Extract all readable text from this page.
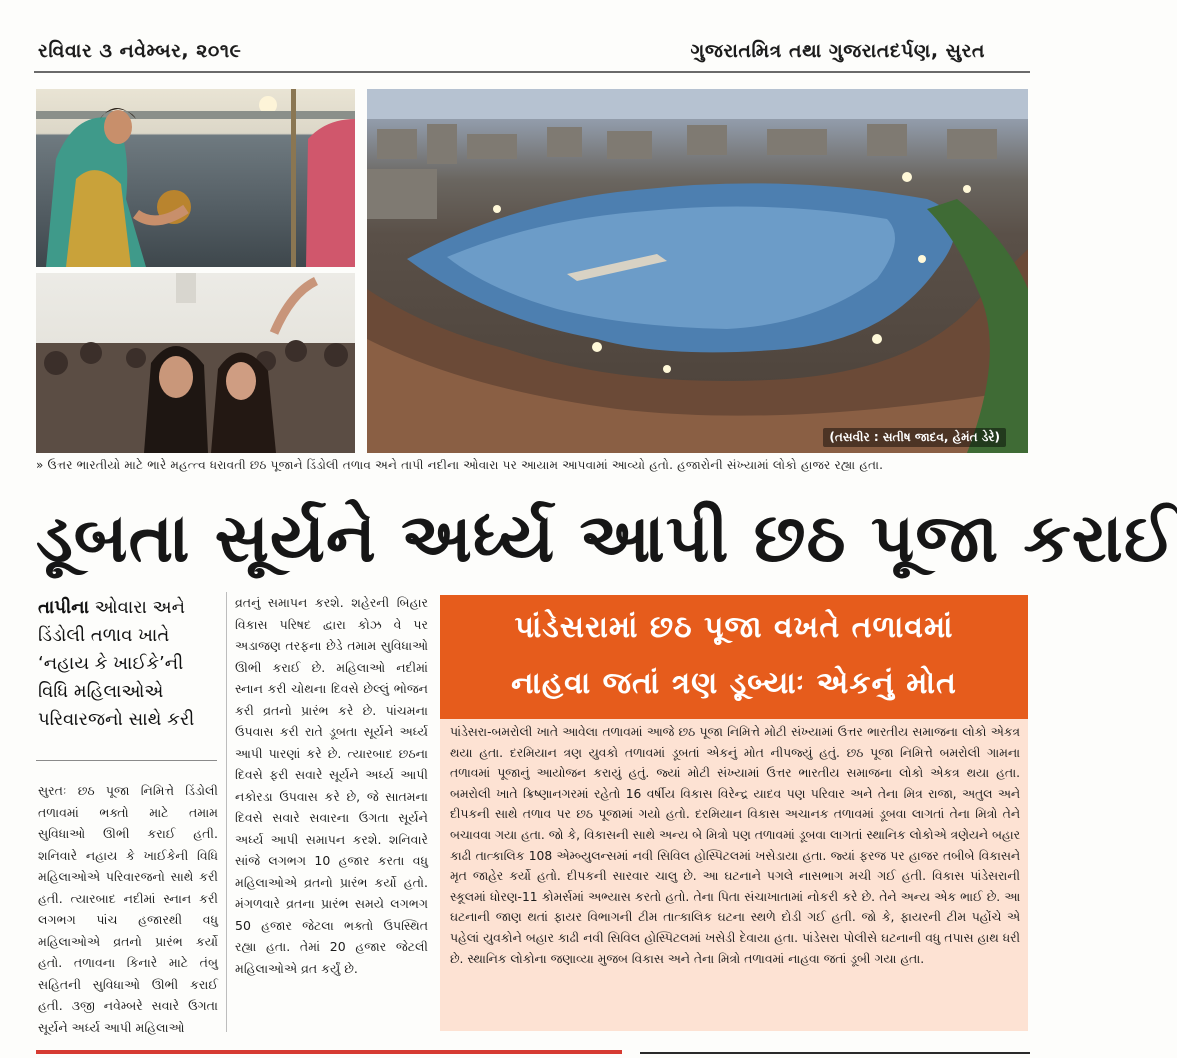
રવિવાર ૩ નવેમ્બર, ૨૦૧૯	ગુજરાતમિત્ર તથા ગુજરાતદર્પણ, સુરત
(તસવીર : સતીષ જાદવ, હેમંત ડેરે)
» ઉત્તર ભારતીયો માટે ભારે મહત્ત્વ ધરાવતી છઠ પૂજાને ડિંડોલી તળાવ અને તાપી નદીના ઓવારા પર આયામ આપવામાં આવ્યો હતો. હજારોની સંખ્યામાં લોકો હાજર રહ્યા હતા.
ડૂબતા સૂર્યને અર્ધ્ય આપી છઠ પૂજા કરાઈ
તાપીના ઓવારા અને ડિંડોલી તળાવ ખાતે ‘નહાય કે ખાઈકે’ની વિધિ મહિલાઓએ પરિવારજનો સાથે કરી
સુરતઃ છઠ પૂજા નિમિત્તે ડિંડોલી તળાવમાં ભક્તો માટે તમામ સુવિધાઓ ઊભી કરાઈ હતી. શનિવારે નહાય કે ખાઈકેની વિધિ મહિલાઓએ પરિવારજનો સાથે કરી હતી. ત્યારબાદ નદીમાં સ્નાન કરી લગભગ પાંચ હજારથી વધુ મહિલાઓએ વ્રતનો પ્રારંભ કર્યો હતો. તળાવના કિનારે માટે તંબુ સહિતની સુવિધાઓ ઊભી કરાઈ હતી. ૩જી નવેમ્બરે સવારે ઉગતા સૂર્યને અર્ધ્ય આપી મહિલાઓ
વ્રતનું સમાપન કરશે. શહેરની બિહાર વિકાસ પરિષદ દ્વારા કોઝ વે પર અડાજણ તરફના છેડે તમામ સુવિધાઓ ઊભી કરાઈ છે. મહિલાઓ નદીમાં સ્નાન કરી ચોથના દિવસે છેલ્લું ભોજન કરી વ્રતનો પ્રારંભ કરે છે. પાંચમના ઉપવાસ કરી રાતે ડૂબતા સૂર્યને અર્ધ્ય આપી પારણાં કરે છે. ત્યારબાદ છઠના દિવસે ફરી સવારે સૂર્યને અર્ધ્ય આપી નકોરડા ઉપવાસ કરે છે, જે સાતમના દિવસે સવારે સવારના ઉગતા સૂર્યને અર્ધ્ય આપી સમાપન કરશે. શનિવારે સાંજે લગભગ 10 હજાર કરતા વધુ મહિલાઓએ વ્રતનો પ્રારંભ કર્યો હતો. મંગળવારે વ્રતના પ્રારંભ સમયે લગભગ 50 હજાર જેટલા ભક્તો ઉપસ્થિત રહ્યા હતા. તેમાં 20 હજાર જેટલી મહિલાઓએ વ્રત કર્યું છે.
પાંડેસરામાં છઠ પૂજા વખતે તળાવમાં
નાહવા જતાં ત્રણ ડૂબ્યાઃ એકનું મોત
પાંડેસરા-બમરોલી ખાતે આવેલા તળાવમાં આજે છઠ પૂજા નિમિત્તે મોટી સંખ્યામાં ઉત્તર ભારતીય સમાજના લોકો એકત્ર થયા હતા. દરમિયાન ત્રણ યુવકો તળાવમાં ડૂબતાં એકનું મોત નીપજ્યું હતું. છઠ પૂજા નિમિત્તે બમરોલી ગામના તળાવમાં પૂજાનું આયોજન કરાયું હતું. જ્યાં મોટી સંખ્યામાં ઉત્તર ભારતીય સમાજના લોકો એકત્ર થયા હતા. બમરોલી ખાતે ક્રિષ્ણાનગરમાં રહેતો 16 વર્ષીય વિકાસ વિરેન્દ્ર યાદવ પણ પરિવાર અને તેના મિત્ર રાજા, અતુલ અને દીપકની સાથે તળાવ પર છઠ પૂજામાં ગયો હતો. દરમિયાન વિકાસ અચાનક તળાવમાં ડૂબવા લાગતાં તેના મિત્રો તેને બચાવવા ગયા હતા. જો કે, વિકાસની સાથે અન્ય બે મિત્રો પણ તળાવમાં ડૂબવા લાગતાં સ્થાનિક લોકોએ ત્રણેયને બહાર કાઢી તાત્કાલિક 108 એમ્બ્યુલન્સમાં નવી સિવિલ હોસ્પિટલમાં ખસેડાયા હતા. જ્યાં ફરજ પર હાજર તબીબે વિકાસને મૃત જાહેર કર્યો હતો. દીપકની સારવાર ચાલુ છે. આ ઘટનાને પગલે નાસભાગ મચી ગઈ હતી. વિકાસ પાંડેસરાની સ્કૂલમાં ધોરણ-11 કોમર્સમાં અભ્યાસ કરતો હતો. તેના પિતા સંચાખાતામાં નોકરી કરે છે. તેને અન્ય એક ભાઈ છે. આ ઘટનાની જાણ થતાં ફાયર વિભાગની ટીમ તાત્કાલિક ઘટના સ્થળે દોડી ગઈ હતી. જો કે, ફાયરની ટીમ પહોંચે એ પહેલાં યુવકોને બહાર કાઢી નવી સિવિલ હોસ્પિટલમાં ખસેડી દેવાયા હતા. પાંડેસરા પોલીસે ઘટનાની વધુ તપાસ હાથ ધરી છે. સ્થાનિક લોકોના જણાવ્યા મુજબ વિકાસ અને તેના મિત્રો તળાવમાં નાહવા જતાં ડૂબી ગયા હતા.
